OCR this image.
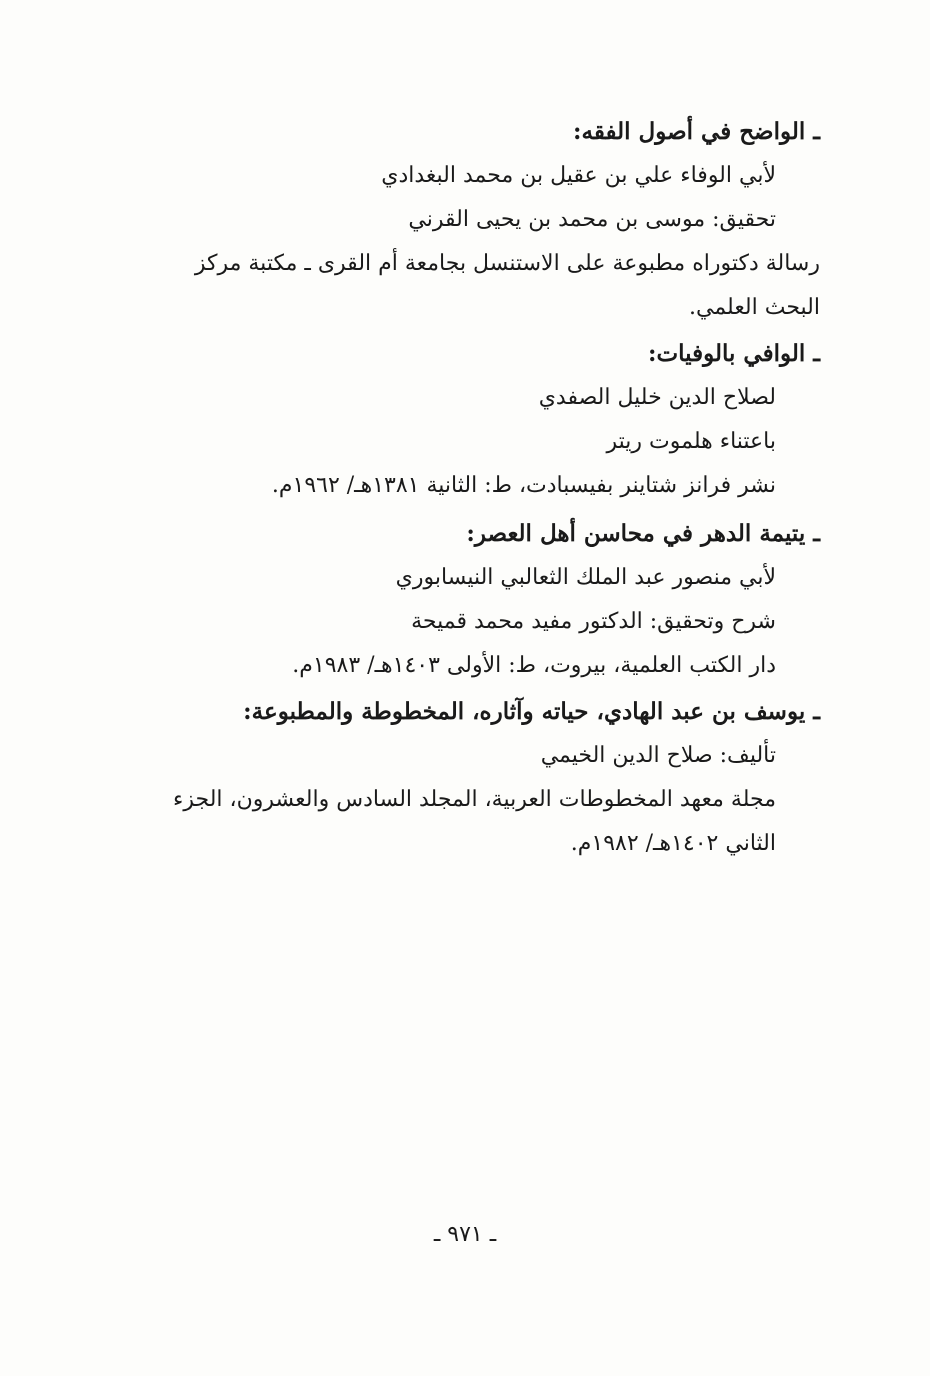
ـ الواضح في أصول الفقه:
لأبي الوفاء علي بن عقيل بن محمد البغدادي
تحقيق: موسى بن محمد بن يحيى القرني
رسالة دكتوراه مطبوعة على الاستنسل بجامعة أم القرى ـ مكتبة مركز
البحث العلمي.
ـ الوافي بالوفيات:
لصلاح الدين خليل الصفدي
باعتناء هلموت ريتر
نشر فرانز شتاينر بفيسبادت، ط: الثانية ١٣٨١هـ/ ١٩٦٢م.
ـ يتيمة الدهر في محاسن أهل العصر:
لأبي منصور عبد الملك الثعالبي النيسابوري
شرح وتحقيق: الدكتور مفيد محمد قميحة
دار الكتب العلمية، بيروت، ط: الأولى ١٤٠٣هـ/ ١٩٨٣م.
ـ يوسف بن عبد الهادي، حياته وآثاره، المخطوطة والمطبوعة:
تأليف: صلاح الدين الخيمي
مجلة معهد المخطوطات العربية، المجلد السادس والعشرون، الجزء
الثاني ١٤٠٢هـ/ ١٩٨٢م.
ـ ٩٧١ ـ
